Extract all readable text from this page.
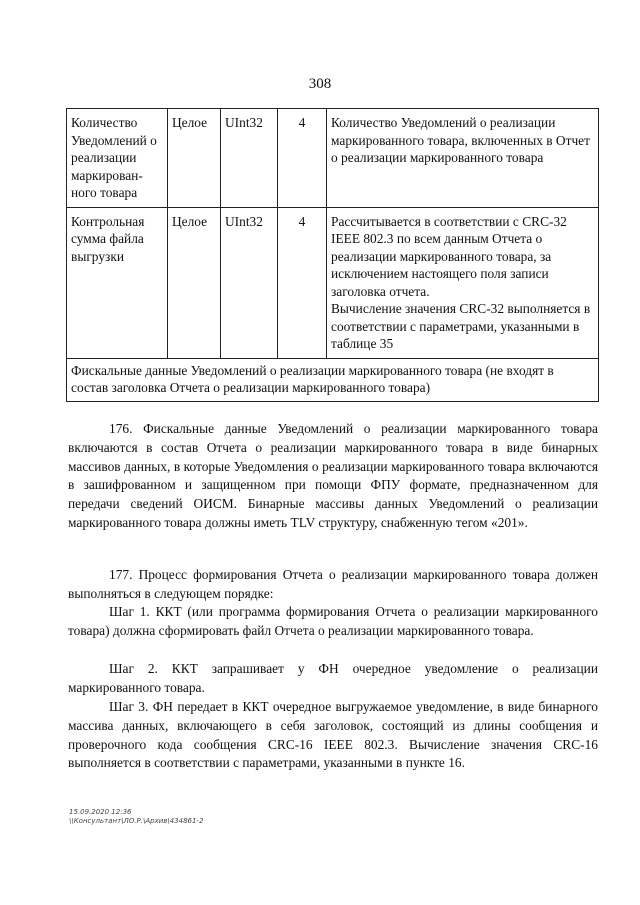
308
Количество Уведомлений о реализации маркирован-ного товара	Целое	UInt32	4	Количество Уведомлений о реализации маркированного товара, включенных в Отчет о реализации маркированного товара
Контрольная сумма файла выгрузки	Целое	UInt32	4	Рассчитывается в соответствии с CRC-32 IEEE 802.3 по всем данным Отчета о реализации маркированного товара, за исключением настоящего поля записи заголовка отчета.
Вычисление значения CRC-32 выполняется в соответствии с параметрами, указанными в таблице 35

Фискальные данные Уведомлений о реализации маркированного товара (не входят в состав заголовка Отчета о реализации маркированного товара)				
176. Фискальные данные Уведомлений о реализации маркированного товара включаются в состав Отчета о реализации маркированного товара в виде бинарных массивов данных, в которые Уведомления о реализации маркированного товара включаются в зашифрованном и защищенном при помощи ФПУ формате, предназначенном для передачи сведений ОИСМ. Бинарные массивы данных Уведомлений о реализации маркированного товара должны иметь TLV структуру, снабженную тегом «201».
177. Процесс формирования Отчета о реализации маркированного товара должен выполняться в следующем порядке:
Шаг 1. ККТ (или программа формирования Отчета о реализации маркированного товара) должна сформировать файл Отчета о реализации маркированного товара.
Шаг 2. ККТ запрашивает у ФН очередное уведомление о реализации маркированного товара.
Шаг 3. ФН передает в ККТ очередное выгружаемое уведомление, в виде бинарного массива данных, включающего в себя заголовок, состоящий из длины сообщения и проверочного кода сообщения CRC-16 IEEE 802.3. Вычисление значения CRC-16 выполняется в соответствии с параметрами, указанными в пункте 16.
15.09.2020 12:36
\\Консультант\ЛО.Р.\Архив\434861-2
